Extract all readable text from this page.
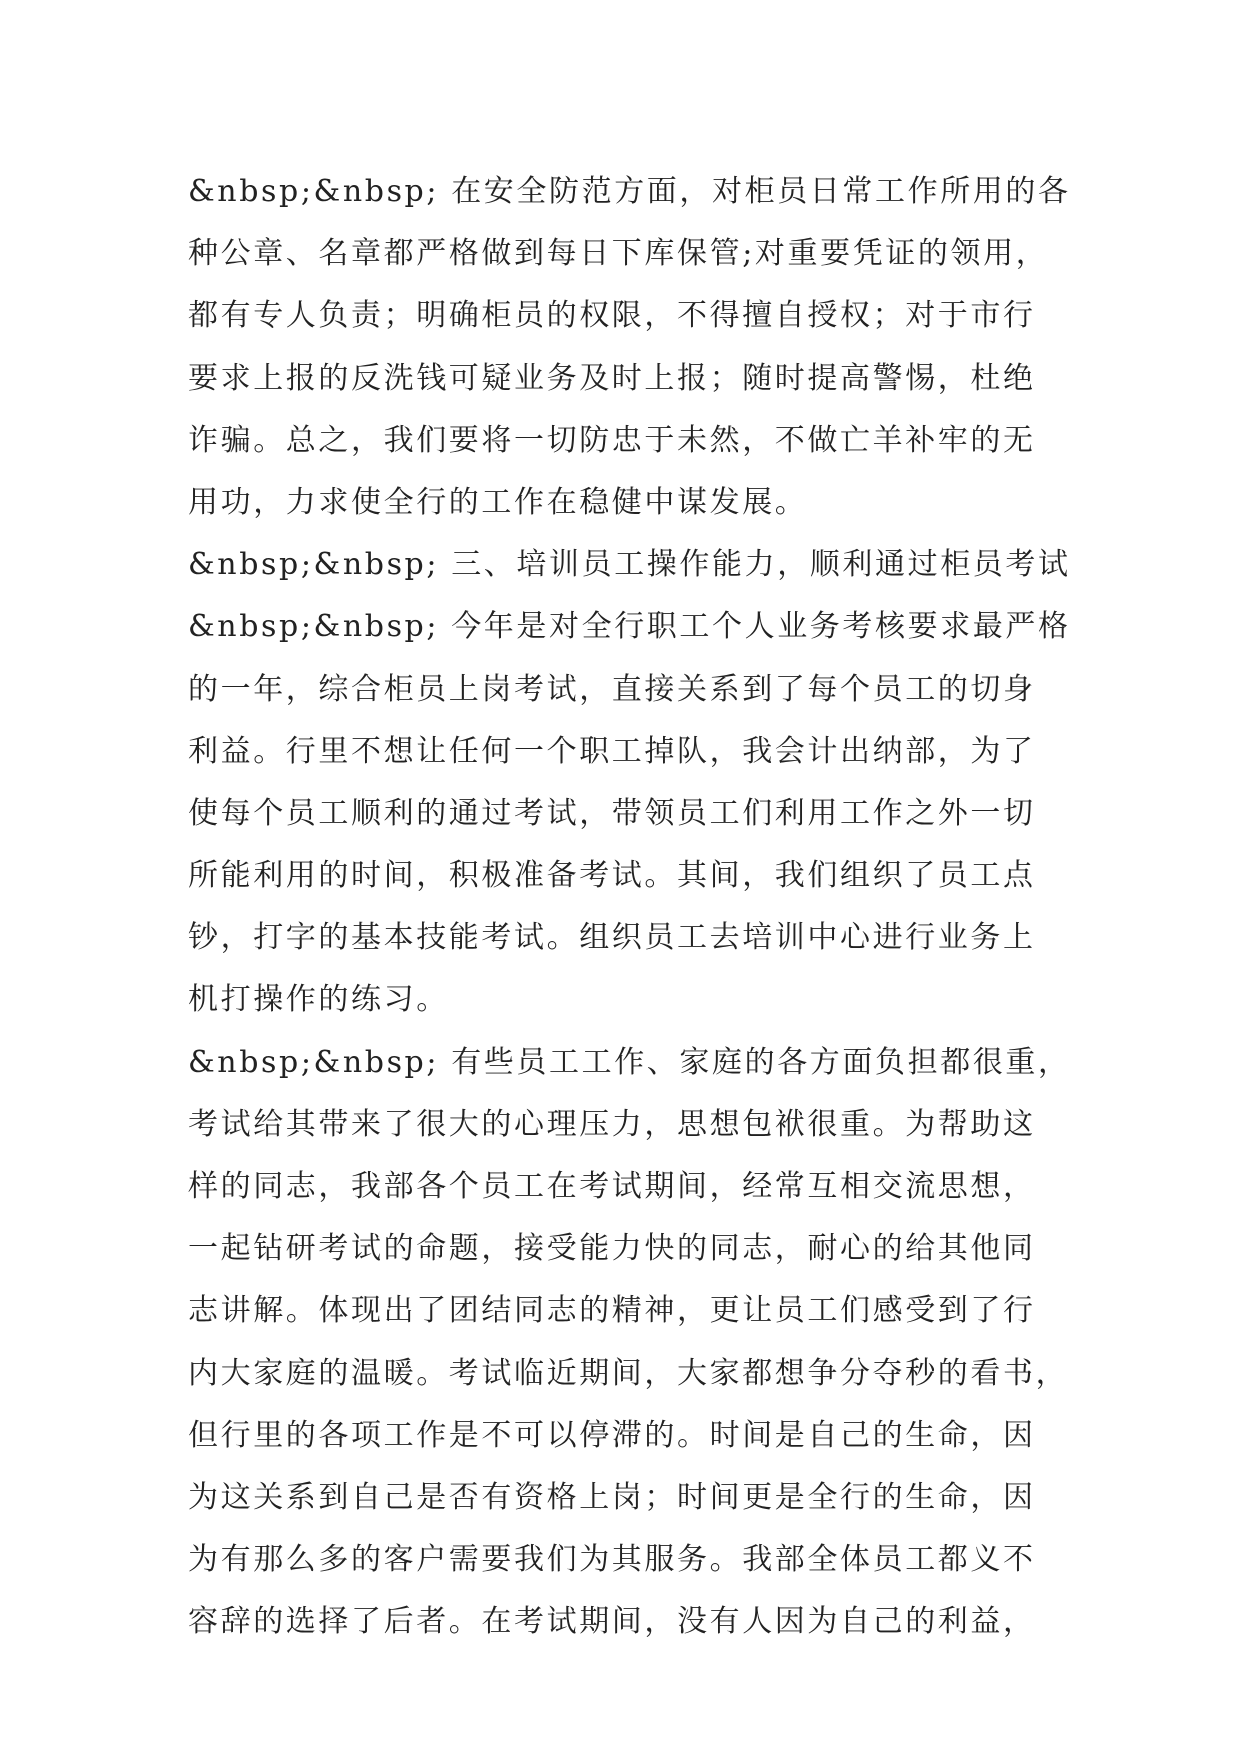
&nbsp;&nbsp; 在安全防范方面，对柜员日常工作所用的各
种公章、名章都严格做到每日下库保管;对重要凭证的领用，
都有专人负责；明确柜员的权限，不得擅自授权；对于市行
要求上报的反洗钱可疑业务及时上报；随时提高警惕，杜绝
诈骗。总之，我们要将一切防忠于未然，不做亡羊补牢的无
用功，力求使全行的工作在稳健中谋发展。
&nbsp;&nbsp; 三、培训员工操作能力，顺利通过柜员考试
&nbsp;&nbsp; 今年是对全行职工个人业务考核要求最严格
的一年，综合柜员上岗考试，直接关系到了每个员工的切身
利益。行里不想让任何一个职工掉队，我会计出纳部，为了
使每个员工顺利的通过考试，带领员工们利用工作之外一切
所能利用的时间，积极准备考试。其间，我们组织了员工点
钞，打字的基本技能考试。组织员工去培训中心进行业务上
机打操作的练习。
&nbsp;&nbsp; 有些员工工作、家庭的各方面负担都很重，
考试给其带来了很大的心理压力，思想包袱很重。为帮助这
样的同志，我部各个员工在考试期间，经常互相交流思想，
一起钻研考试的命题，接受能力快的同志，耐心的给其他同
志讲解。体现出了团结同志的精神，更让员工们感受到了行
内大家庭的温暖。考试临近期间，大家都想争分夺秒的看书，
但行里的各项工作是不可以停滞的。时间是自己的生命，因
为这关系到自己是否有资格上岗；时间更是全行的生命，因
为有那么多的客户需要我们为其服务。我部全体员工都义不
容辞的选择了后者。在考试期间，没有人因为自己的利益，
